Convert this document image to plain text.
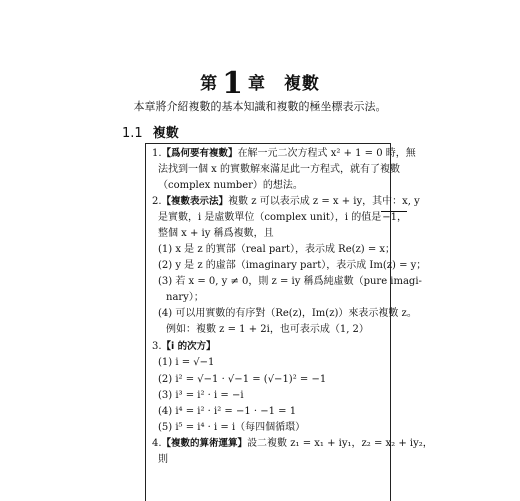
第 1 章 複數
本章將介紹複數的基本知識和複數的極坐標表示法。
1.1 複數
1.【爲何要有複數】在解一元二次方程式 x² + 1 = 0 時，無
法找到一個 x 的實數解來滿足此一方程式，就有了複數
（complex number）的想法。
2.【複數表示法】複數 z 可以表示成 z = x + iy，其中：x, y
是實數，i 是虛數單位（complex unit），i 的值是−1，
整個 x + iy 稱爲複數，且
(1) x 是 z 的實部（real part），表示成 Re(z) = x；
(2) y 是 z 的虛部（imaginary part），表示成 Im(z) = y；
(3) 若 x = 0, y ≠ 0，則 z = iy 稱爲純虛數（pure imagi-
nary）；
(4) 可以用實數的有序對（Re(z)，Im(z)）來表示複數 z。
例如：複數 z = 1 + 2i，也可表示成（1, 2）
3.【i 的次方】
(1) i = √−1
(2) i² = √−1 · √−1 = (√−1)² = −1
(3) i³ = i² · i = −i
(4) i⁴ = i² · i² = −1 · −1 = 1
(5) i⁵ = i⁴ · i = i（每四個循環）
4.【複數的算術運算】設二複數 z₁ = x₁ + iy₁，z₂ = x₂ + iy₂，
則
